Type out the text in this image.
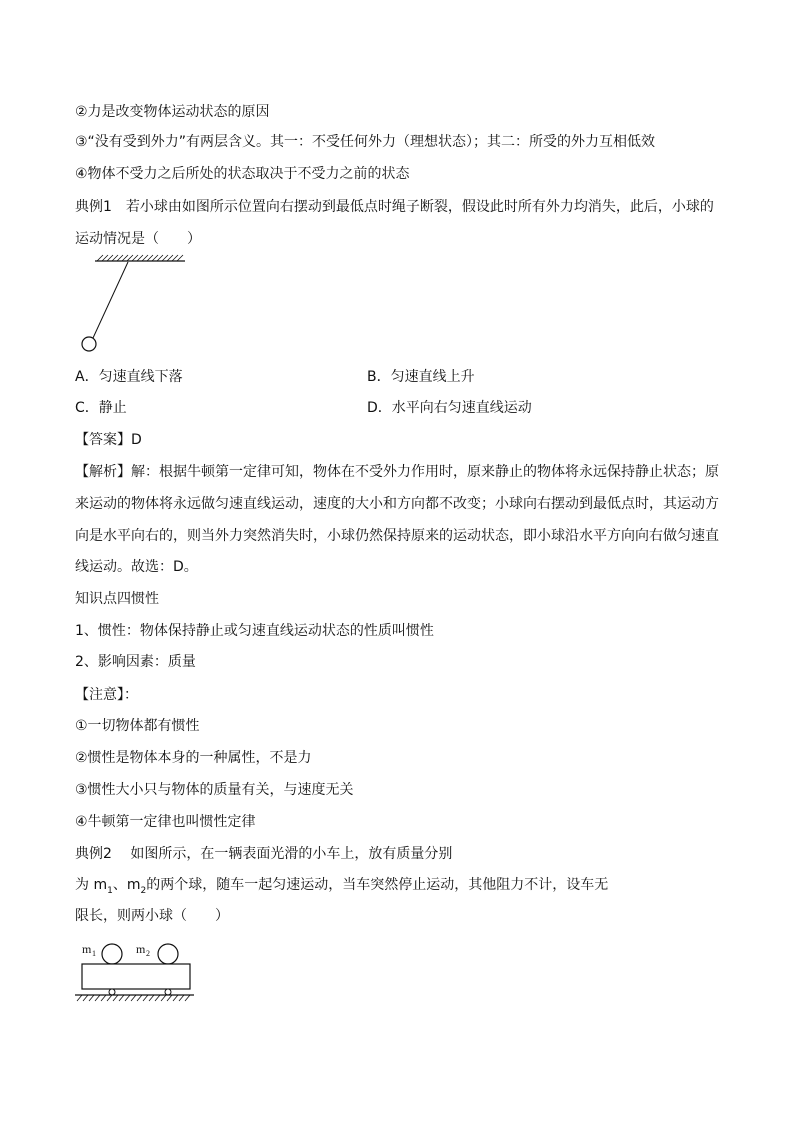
②力是改变物体运动状态的原因
③“没有受到外力”有两层含义。其一：不受任何外力（理想状态）；其二：所受的外力互相低效
④物体不受力之后所处的状态取决于不受力之前的状态
典例1　若小球由如图所示位置向右摆动到最低点时绳子断裂，假设此时所有外力均消失，此后，小球的
运动情况是（　　）
A．匀速直线下落	B．匀速直线上升
C．静止	D．水平向右匀速直线运动
【答案】D
【解析】解：根据牛顿第一定律可知，物体在不受外力作用时，原来静止的物体将永远保持静止状态；原
来运动的物体将永远做匀速直线运动，速度的大小和方向都不改变；小球向右摆动到最低点时，其运动方
向是水平向右的，则当外力突然消失时，小球仍然保持原来的运动状态，即小球沿水平方向向右做匀速直
线运动。故选：D。
知识点四惯性
1、惯性：物体保持静止或匀速直线运动状态的性质叫惯性
2、影响因素：质量
【注意】：
①一切物体都有惯性
②惯性是物体本身的一种属性，不是力
③惯性大小只与物体的质量有关，与速度无关
④牛顿第一定律也叫惯性定律
典例2　 如图所示，在一辆表面光滑的小车上，放有质量分别
为 $m_1$、$m_2$的两个球，随车一起匀速运动，当车突然停止运动，其他阻力不计，设车无
限长，则两小球（　　）
m 1	m 2
